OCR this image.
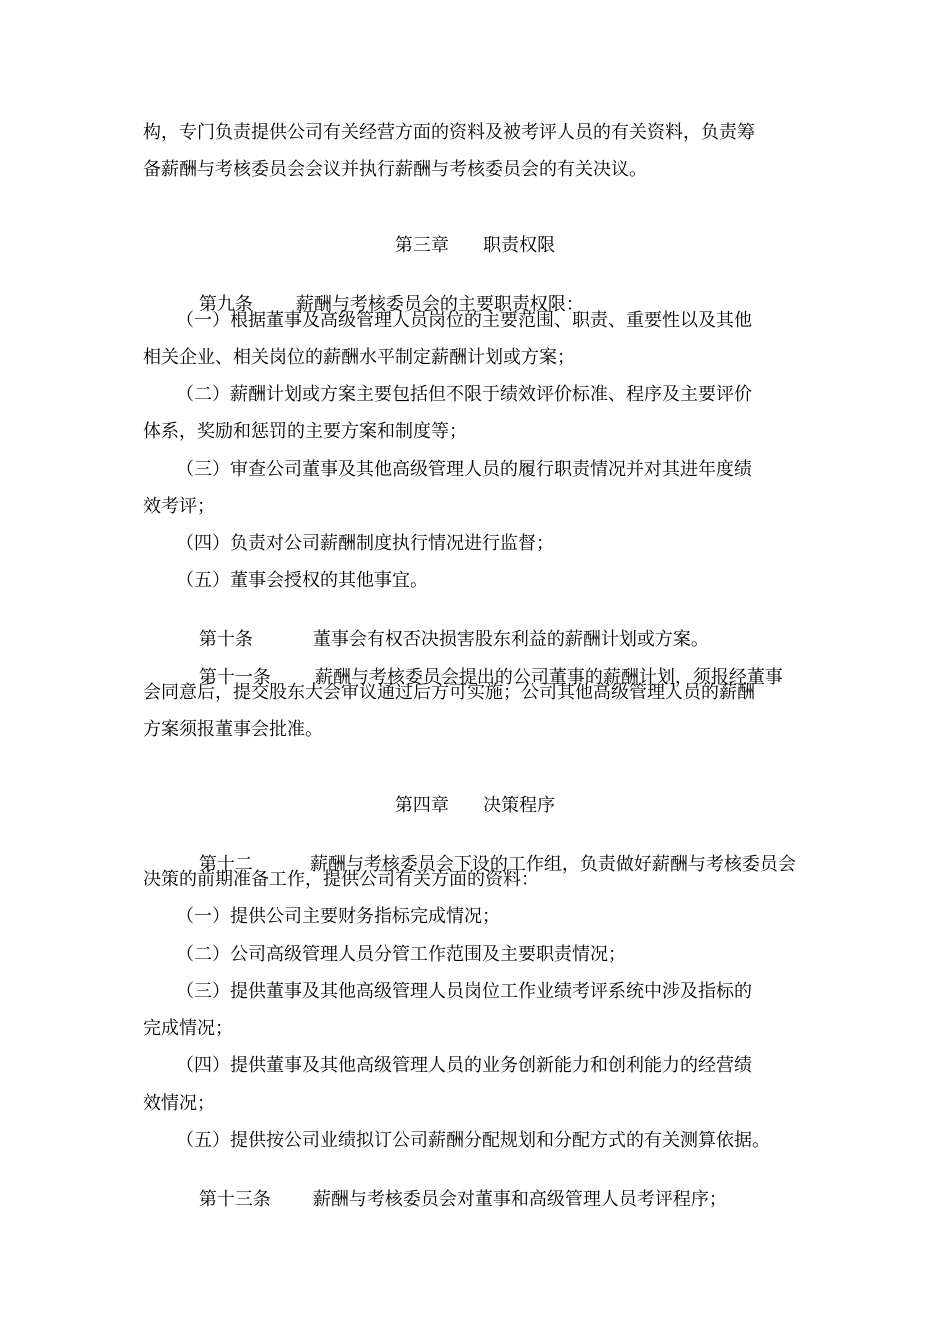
构，专门负责提供公司有关经营方面的资料及被考评人员的有关资料，负责筹
备薪酬与考核委员会会议并执行薪酬与考核委员会的有关决议。
第三章      职责权限

第九条 薪酬与考核委员会的主要职责权限：

（一）根据董事及高级管理人员岗位的主要范围、职责、重要性以及其他
相关企业、相关岗位的薪酬水平制定薪酬计划或方案；
（二）薪酬计划或方案主要包括但不限于绩效评价标准、程序及主要评价
体系，奖励和惩罚的主要方案和制度等；
（三）审查公司董事及其他高级管理人员的履行职责情况并对其进年度绩
效考评；
（四）负责对公司薪酬制度执行情况进行监督；
（五）董事会授权的其他事宜。

第十条	董事会有权否决损害股东利益的薪酬计划或方案。

第十一条 薪酬与考核委员会提出的公司董事的薪酬计划，须报经董事

会同意后，提交股东大会审议通过后方可实施；公司其他高级管理人员的薪酬
方案须报董事会批准。
第四章      决策程序

第十二	薪酬与考核委员会下设的工作组，负责做好薪酬与考核委员会

决策的前期准备工作，提供公司有关方面的资料：
（一）提供公司主要财务指标完成情况；
（二）公司高级管理人员分管工作范围及主要职责情况；
（三）提供董事及其他高级管理人员岗位工作业绩考评系统中涉及指标的
完成情况；
（四）提供董事及其他高级管理人员的业务创新能力和创利能力的经营绩
效情况；
（五）提供按公司业绩拟订公司薪酬分配规划和分配方式的有关测算依据。

第十三条 薪酬与考核委员会对董事和高级管理人员考评程序；
